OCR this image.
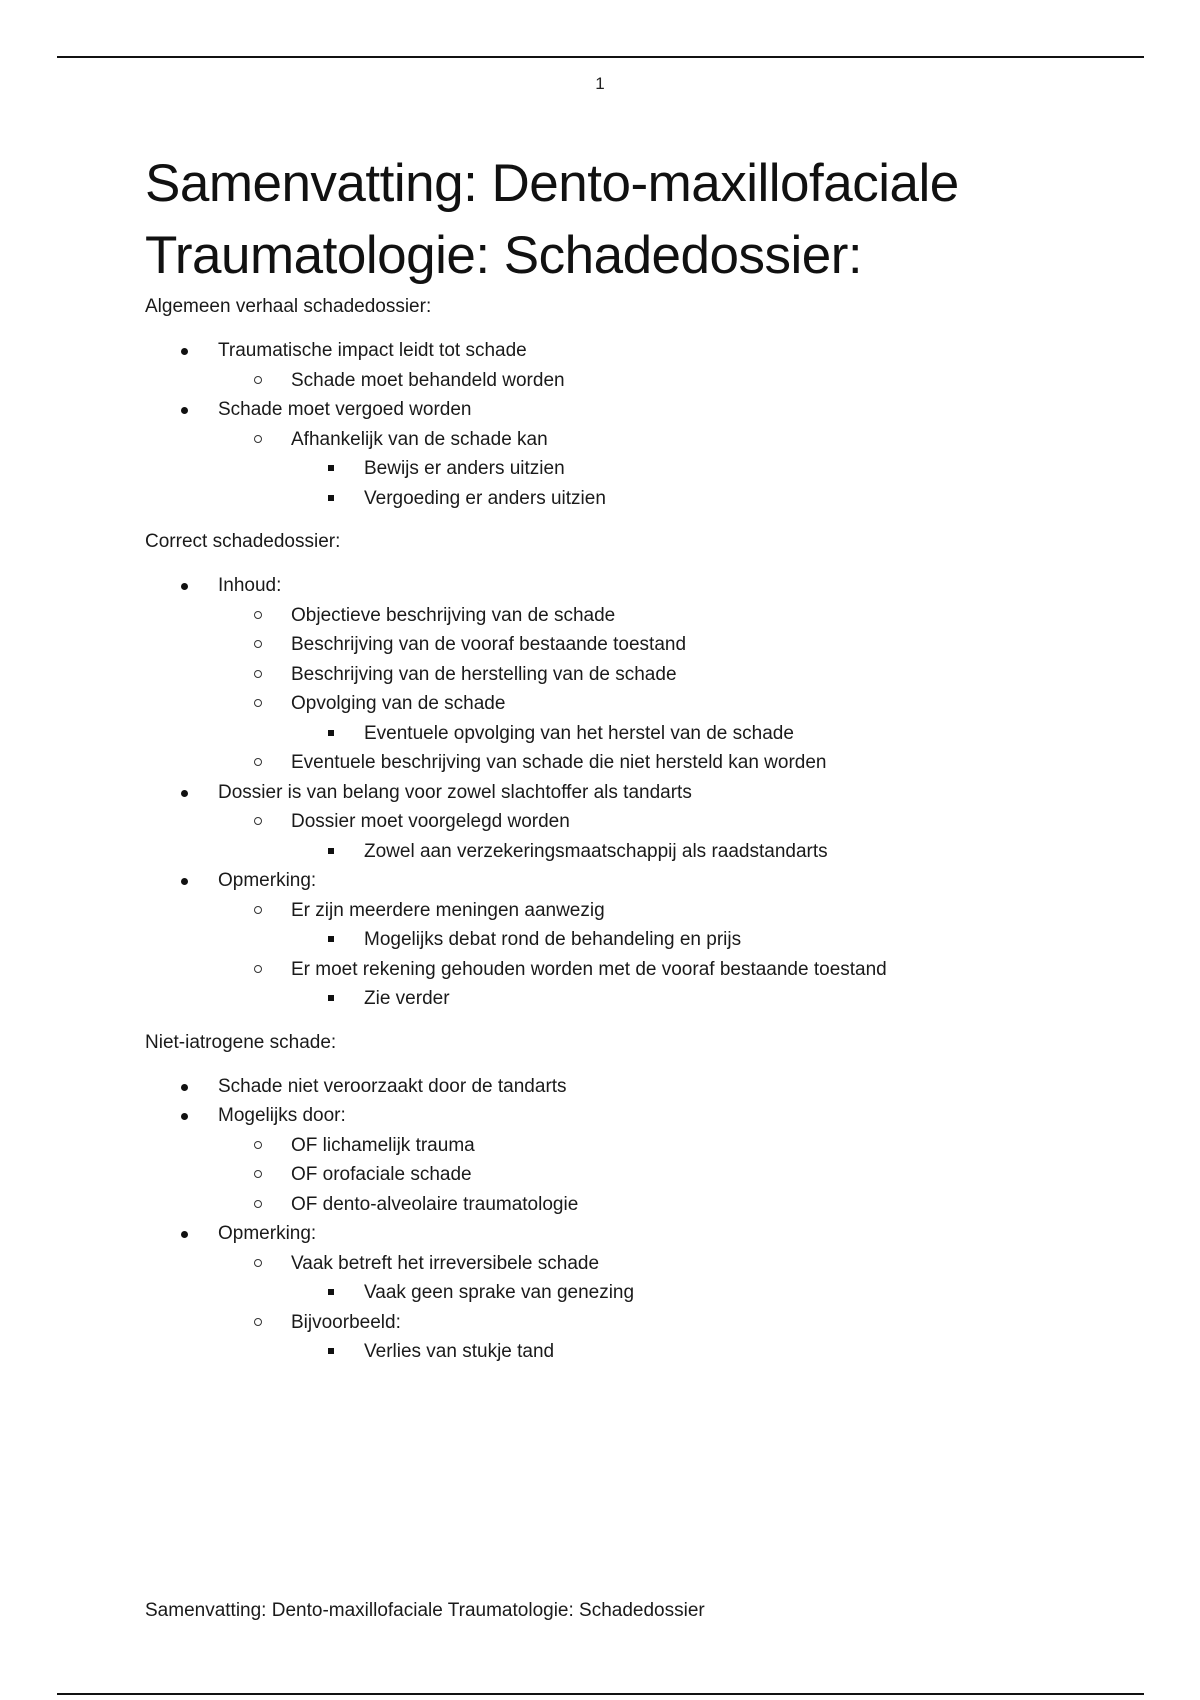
1
Samenvatting: Dento-maxillofaciale
Traumatologie: Schadedossier:

Algemeen verhaal schadedossier:

Traumatische impact leidt tot schade
Schade moet behandeld worden
Schade moet vergoed worden
Afhankelijk van de schade kan
Bewijs er anders uitzien
Vergoeding er anders uitzien

Correct schadedossier:

Inhoud:
Objectieve beschrijving van de schade
Beschrijving van de vooraf bestaande toestand
Beschrijving van de herstelling van de schade
Opvolging van de schade
Eventuele opvolging van het herstel van de schade
Eventuele beschrijving van schade die niet hersteld kan worden
Dossier is van belang voor zowel slachtoffer als tandarts
Dossier moet voorgelegd worden
Zowel aan verzekeringsmaatschappij als raadstandarts
Opmerking:
Er zijn meerdere meningen aanwezig
Mogelijks debat rond de behandeling en prijs
Er moet rekening gehouden worden met de vooraf bestaande toestand
Zie verder

Niet-iatrogene schade:

Schade niet veroorzaakt door de tandarts
Mogelijks door:
OF lichamelijk trauma
OF orofaciale schade
OF dento-alveolaire traumatologie
Opmerking:
Vaak betreft het irreversibele schade
Vaak geen sprake van genezing
Bijvoorbeeld:
Verlies van stukje tand
Samenvatting: Dento-maxillofaciale Traumatologie: Schadedossier
